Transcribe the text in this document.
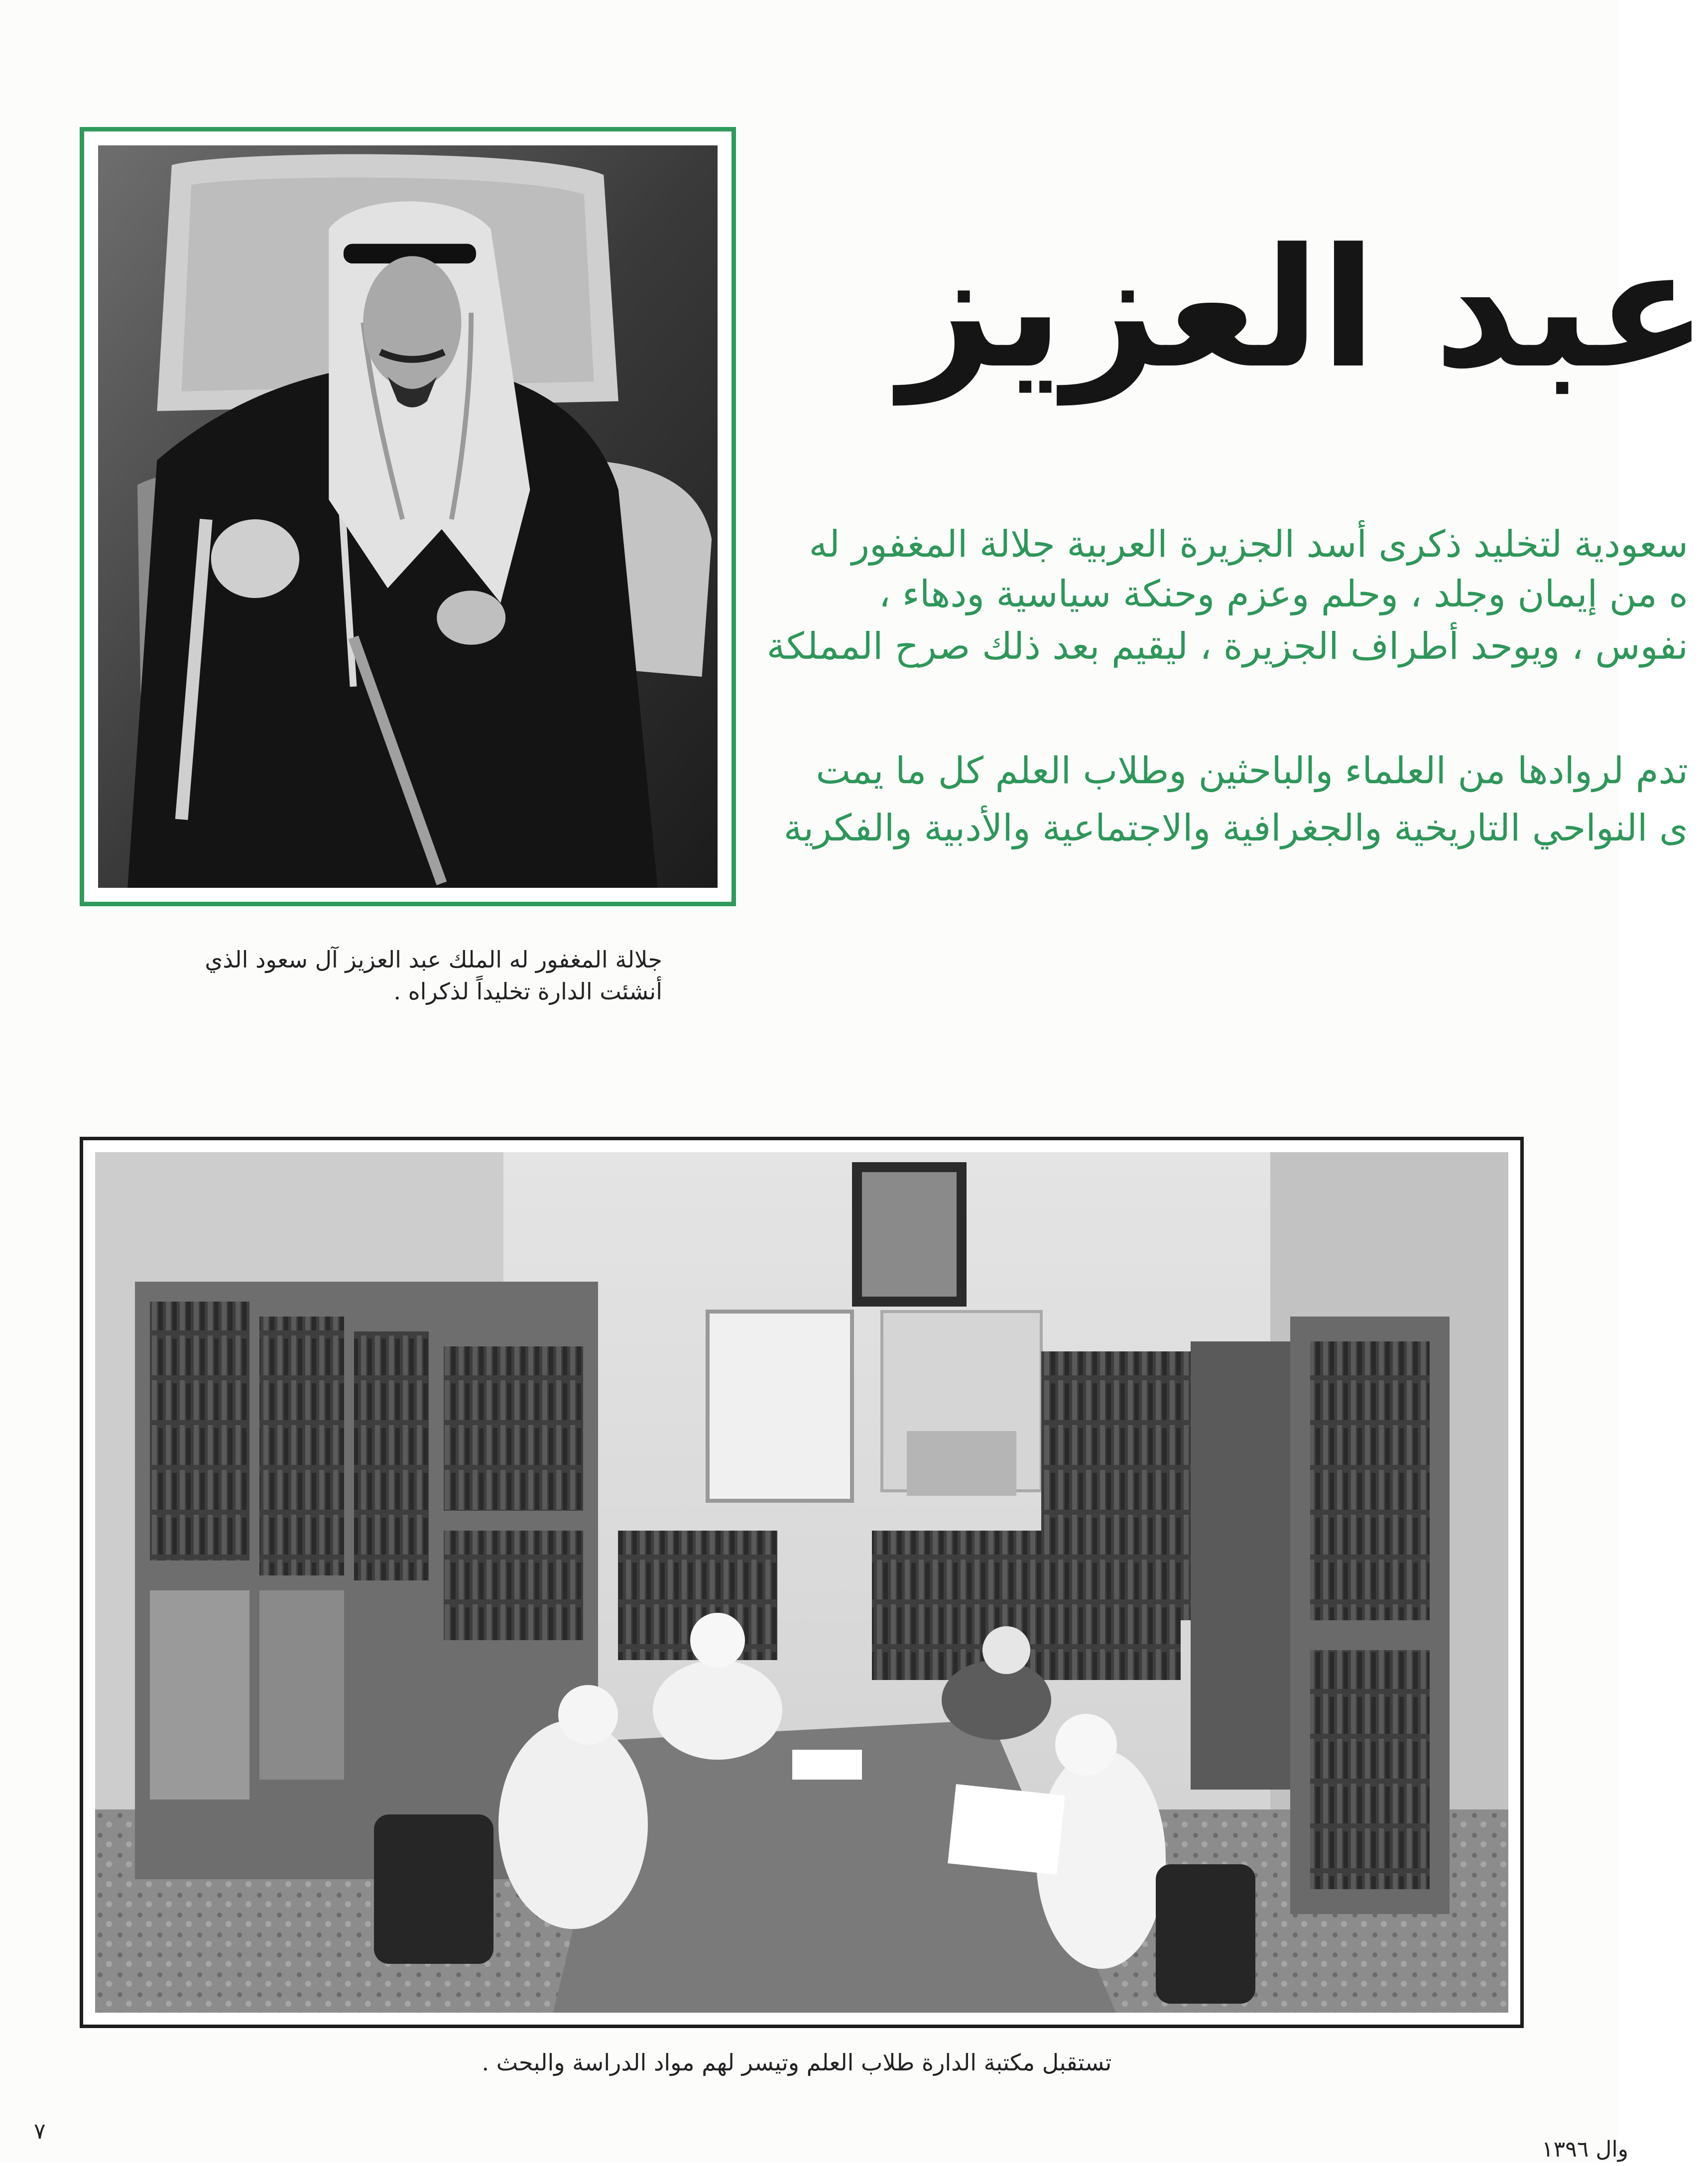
عبد العزيز
سعودية لتخليد ذكرى أسد الجزيرة العربية جلالة المغفور له
ه من إيمان وجلد ، وحلم وعزم وحنكة سياسية ودهاء ،
نفوس ، ويوحد أطراف الجزيرة ، ليقيم بعد ذلك صرح المملكة
تدم لروادها من العلماء والباحثين وطلاب العلم كل ما يمت
ى النواحي التاريخية والجغرافية والاجتماعية والأدبية والفكرية
جلالة المغفور له الملك عبد العزيز آل سعود الذي
أنشئت الدارة تخليداً لذكراه .
تستقبل مكتبة الدارة طلاب العلم وتيسر لهم مواد الدراسة والبحث .
٧
وال ١٣٩٦
